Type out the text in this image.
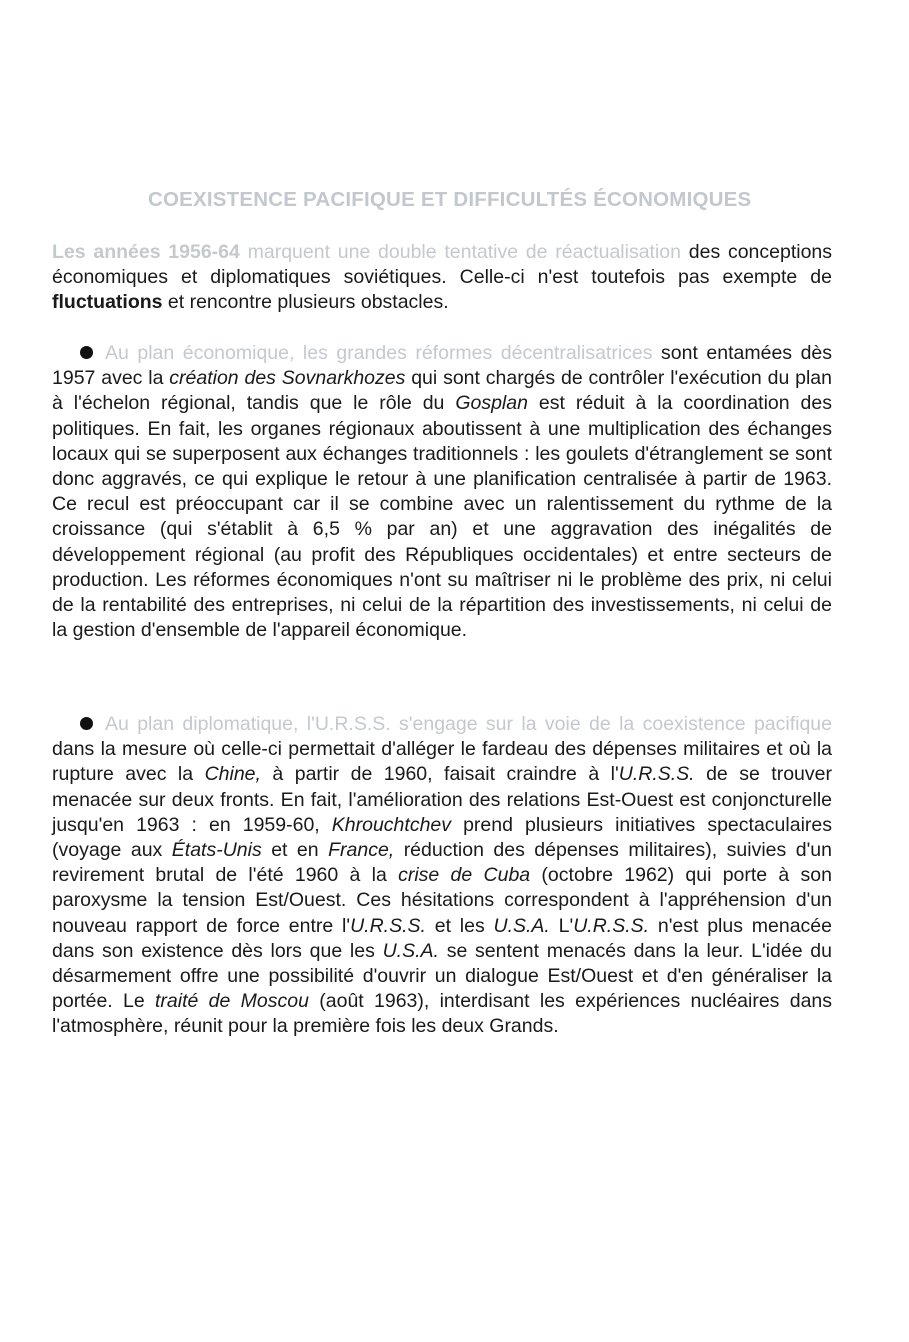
COEXISTENCE PACIFIQUE ET DIFFICULTÉS ÉCONOMIQUES
Les années 1956-64 marquent une double tentative de réactualisation des conceptions économiques et diplomatiques soviétiques. Celle-ci n'est toutefois pas exempte de fluctuations et rencontre plusieurs obstacles.
Au plan économique, les grandes réformes décentralisatrices sont entamées dès 1957 avec la création des Sovnarkhozes qui sont chargés de contrôler l'exécution du plan à l'échelon régional, tandis que le rôle du Gosplan est réduit à la coordination des politiques. En fait, les organes régionaux aboutissent à une multiplication des échanges locaux qui se superposent aux échanges traditionnels : les goulets d'étranglement se sont donc aggravés, ce qui explique le retour à une planification centralisée à partir de 1963. Ce recul est préoccupant car il se combine avec un ralentissement du rythme de la croissance (qui s'établit à 6,5 % par an) et une aggravation des inégalités de développement régional (au profit des Républiques occidentales) et entre secteurs de production. Les réformes économiques n'ont su maîtriser ni le problème des prix, ni celui de la rentabilité des entreprises, ni celui de la répartition des investissements, ni celui de la gestion d'ensemble de l'appareil économique.
Au plan diplomatique, l'U.R.S.S. s'engage sur la voie de la coexistence pacifique dans la mesure où celle-ci permettait d'alléger le fardeau des dépenses militaires et où la rupture avec la Chine, à partir de 1960, faisait craindre à l'U.R.S.S. de se trouver menacée sur deux fronts. En fait, l'amélioration des relations Est-Ouest est conjoncturelle jusqu'en 1963 : en 1959-60, Khrouchtchev prend plusieurs initiatives spectaculaires (voyage aux États-Unis et en France, réduction des dépenses militaires), suivies d'un revirement brutal de l'été 1960 à la crise de Cuba (octobre 1962) qui porte à son paroxysme la tension Est/Ouest. Ces hésitations correspondent à l'appréhension d'un nouveau rapport de force entre l'U.R.S.S. et les U.S.A. L'U.R.S.S. n'est plus menacée dans son existence dès lors que les U.S.A. se sentent menacés dans la leur. L'idée du désarmement offre une possibilité d'ouvrir un dialogue Est/Ouest et d'en généraliser la portée. Le traité de Moscou (août 1963), interdisant les expériences nucléaires dans l'atmosphère, réunit pour la première fois les deux Grands.
